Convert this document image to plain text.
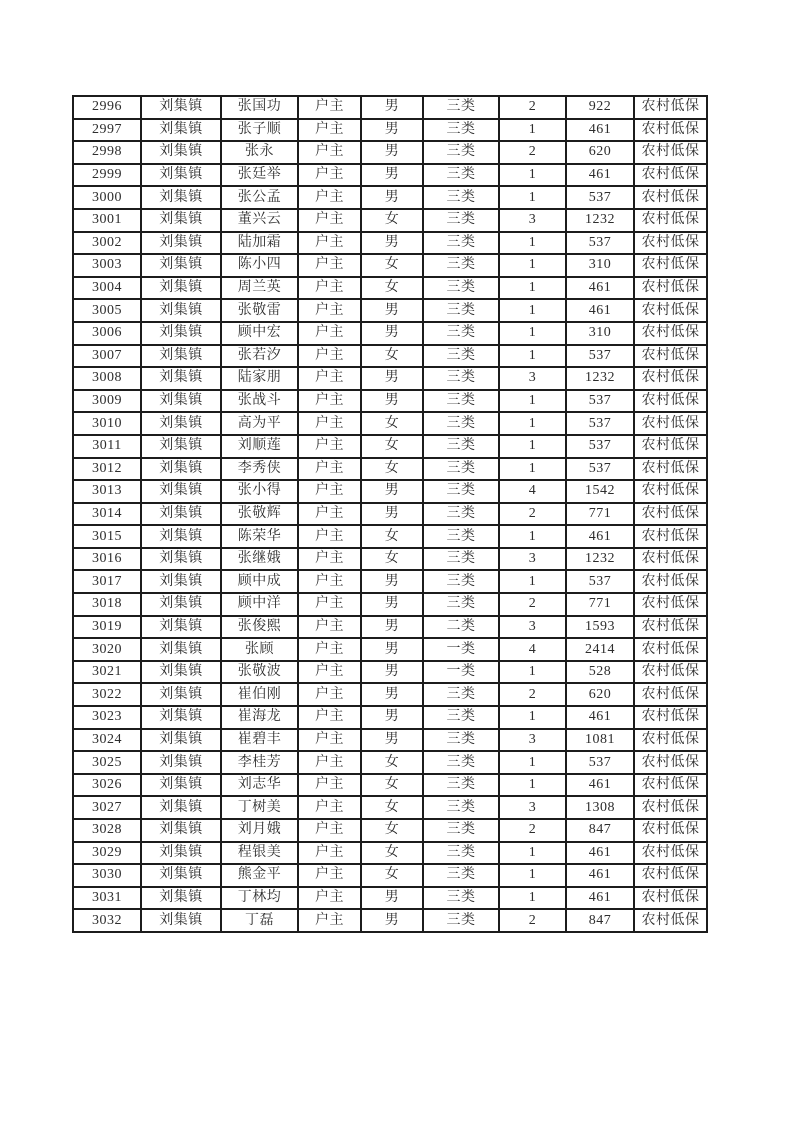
2996	刘集镇	张国功	户主	男	三类	2	922	农村低保
2997	刘集镇	张子顺	户主	男	三类	1	461	农村低保
2998	刘集镇	张永	户主	男	三类	2	620	农村低保
2999	刘集镇	张廷举	户主	男	三类	1	461	农村低保
3000	刘集镇	张公孟	户主	男	三类	1	537	农村低保
3001	刘集镇	董兴云	户主	女	三类	3	1232	农村低保
3002	刘集镇	陆加霜	户主	男	三类	1	537	农村低保
3003	刘集镇	陈小四	户主	女	三类	1	310	农村低保
3004	刘集镇	周兰英	户主	女	三类	1	461	农村低保
3005	刘集镇	张敬雷	户主	男	三类	1	461	农村低保
3006	刘集镇	顾中宏	户主	男	三类	1	310	农村低保
3007	刘集镇	张若汐	户主	女	三类	1	537	农村低保
3008	刘集镇	陆家朋	户主	男	三类	3	1232	农村低保
3009	刘集镇	张战斗	户主	男	三类	1	537	农村低保
3010	刘集镇	高为平	户主	女	三类	1	537	农村低保
3011	刘集镇	刘顺莲	户主	女	三类	1	537	农村低保
3012	刘集镇	李秀侠	户主	女	三类	1	537	农村低保
3013	刘集镇	张小得	户主	男	三类	4	1542	农村低保
3014	刘集镇	张敬辉	户主	男	三类	2	771	农村低保
3015	刘集镇	陈荣华	户主	女	三类	1	461	农村低保
3016	刘集镇	张继娥	户主	女	三类	3	1232	农村低保
3017	刘集镇	顾中成	户主	男	三类	1	537	农村低保
3018	刘集镇	顾中洋	户主	男	三类	2	771	农村低保
3019	刘集镇	张俊熙	户主	男	二类	3	1593	农村低保
3020	刘集镇	张顾	户主	男	一类	4	2414	农村低保
3021	刘集镇	张敬波	户主	男	一类	1	528	农村低保
3022	刘集镇	崔伯刚	户主	男	三类	2	620	农村低保
3023	刘集镇	崔海龙	户主	男	三类	1	461	农村低保
3024	刘集镇	崔碧丰	户主	男	三类	3	1081	农村低保
3025	刘集镇	李桂芳	户主	女	三类	1	537	农村低保
3026	刘集镇	刘志华	户主	女	三类	1	461	农村低保
3027	刘集镇	丁树美	户主	女	三类	3	1308	农村低保
3028	刘集镇	刘月娥	户主	女	三类	2	847	农村低保
3029	刘集镇	程银美	户主	女	三类	1	461	农村低保
3030	刘集镇	熊金平	户主	女	三类	1	461	农村低保
3031	刘集镇	丁林均	户主	男	三类	1	461	农村低保
3032	刘集镇	丁磊	户主	男	三类	2	847	农村低保
